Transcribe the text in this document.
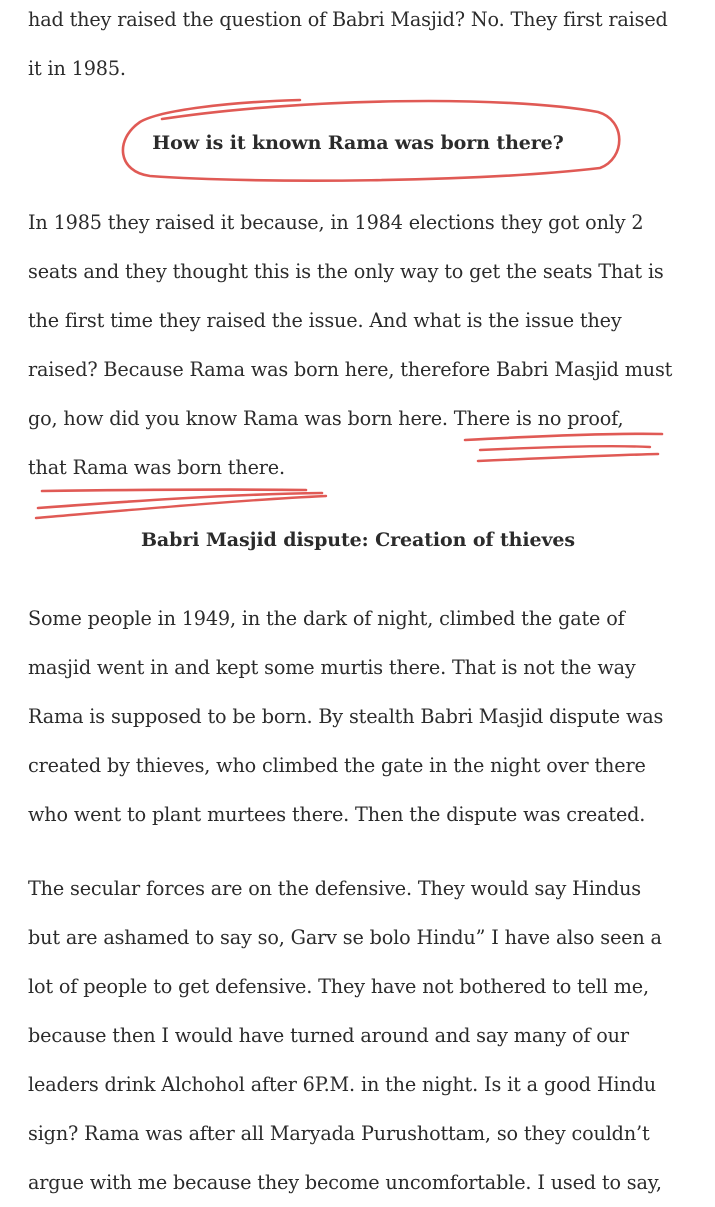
had they raised the question of Babri Masjid? No. They first raised
it in 1985.

How is it known Rama was born there?

In 1985 they raised it because, in 1984 elections they got only 2
seats and they thought this is the only way to get the seats That is
the first time they raised the issue. And what is the issue they
raised? Because Rama was born here, therefore Babri Masjid must
go, how did you know Rama was born here. There is no proof,
that Rama was born there.

Babri Masjid dispute: Creation of thieves

Some people in 1949, in the dark of night, climbed the gate of
masjid went in and kept some murtis there. That is not the way
Rama is supposed to be born. By stealth Babri Masjid dispute was
created by thieves, who climbed the gate in the night over there
who went to plant murtees there. Then the dispute was created.

The secular forces are on the defensive. They would say Hindus
but are ashamed to say so, Garv se bolo Hindu” I have also seen a
lot of people to get defensive. They have not bothered to tell me,
because then I would have turned around and say many of our
leaders drink Alchohol after 6P.M. in the night. Is it a good Hindu
sign? Rama was after all Maryada Purushottam, so they couldn’t
argue with me because they become uncomfortable. I used to say,
